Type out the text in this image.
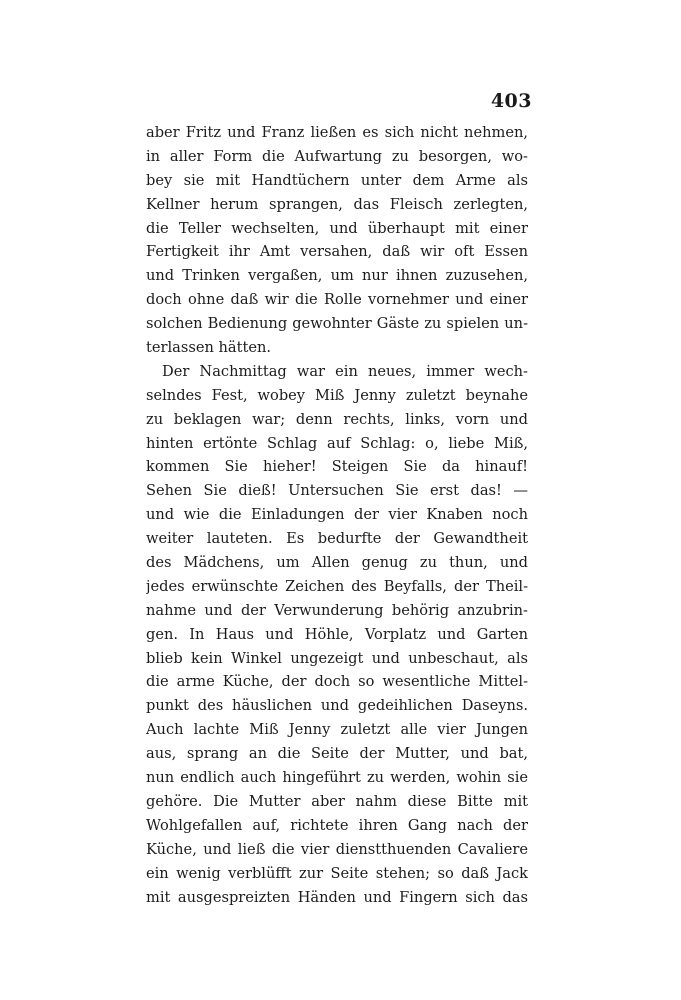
403
aber Fritz und Franz ließen es sich nicht nehmen,
in aller Form die Aufwartung zu besorgen, wo-
bey sie mit Handtüchern unter dem Arme als
Kellner herum sprangen, das Fleisch zerlegten,
die Teller wechselten, und überhaupt mit einer
Fertigkeit ihr Amt versahen, daß wir oft Essen
und Trinken vergaßen, um nur ihnen zuzusehen,
doch ohne daß wir die Rolle vornehmer und einer
solchen Bedienung gewohnter Gäste zu spielen un-
terlassen hätten.
Der Nachmittag war ein neues, immer wech-
selndes Fest, wobey Miß Jenny zuletzt beynahe
zu beklagen war; denn rechts, links, vorn und
hinten ertönte Schlag auf Schlag: o, liebe Miß,
kommen Sie hieher! Steigen Sie da hinauf!
Sehen Sie dieß! Untersuchen Sie erst das! —
und wie die Einladungen der vier Knaben noch
weiter lauteten. Es bedurfte der Gewandtheit
des Mädchens, um Allen genug zu thun, und
jedes erwünschte Zeichen des Beyfalls, der Theil-
nahme und der Verwunderung behörig anzubrin-
gen. In Haus und Höhle, Vorplatz und Garten
blieb kein Winkel ungezeigt und unbeschaut, als
die arme Küche, der doch so wesentliche Mittel-
punkt des häuslichen und gedeihlichen Daseyns.
Auch lachte Miß Jenny zuletzt alle vier Jungen
aus, sprang an die Seite der Mutter, und bat,
nun endlich auch hingeführt zu werden, wohin sie
gehöre. Die Mutter aber nahm diese Bitte mit
Wohlgefallen auf, richtete ihren Gang nach der
Küche, und ließ die vier dienstthuenden Cavaliere
ein wenig verblüfft zur Seite stehen; so daß Jack
mit ausgespreizten Händen und Fingern sich das
